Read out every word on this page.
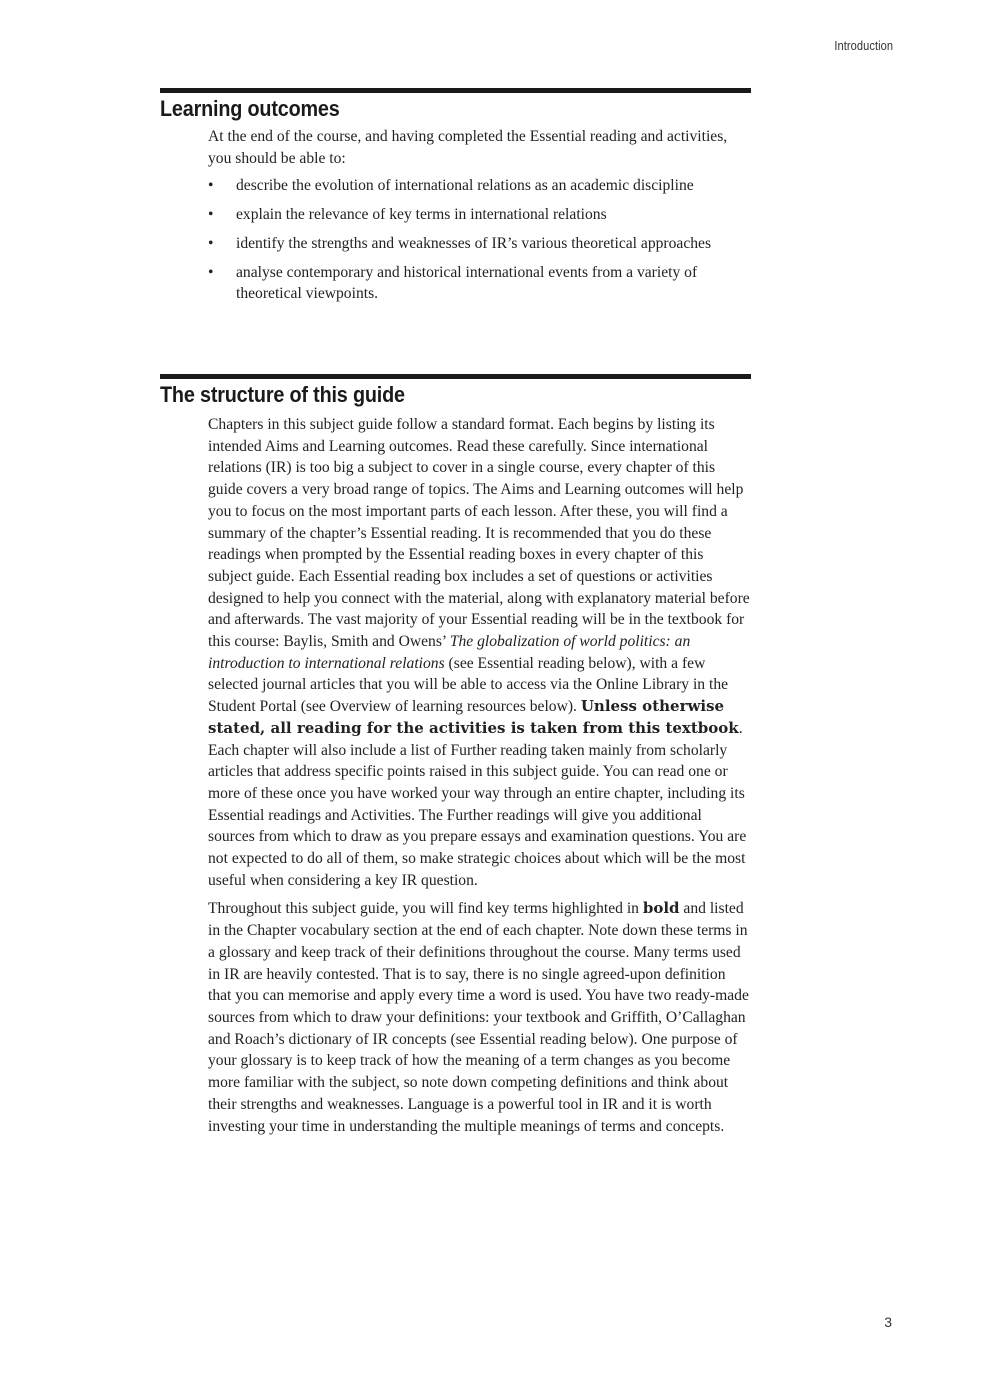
Introduction
Learning outcomes

At the end of the course, and having completed the Essential reading and activities, you should be able to:

• describe the evolution of international relations as an academic discipline
• explain the relevance of key terms in international relations
• identify the strengths and weaknesses of IR’s various theoretical approaches
• analyse contemporary and historical international events from a variety of theoretical viewpoints.
The structure of this guide

Chapters in this subject guide follow a standard format. Each begins by listing its intended Aims and Learning outcomes. Read these carefully. Since international relations (IR) is too big a subject to cover in a single course, every chapter of this guide covers a very broad range of topics. The Aims and Learning outcomes will help you to focus on the most important parts of each lesson. After these, you will find a summary of the chapter’s Essential reading. It is recommended that you do these readings when prompted by the Essential reading boxes in every chapter of this subject guide. Each Essential reading box includes a set of questions or activities designed to help you connect with the material, along with explanatory material before and afterwards. The vast majority of your Essential reading will be in the textbook for this course: Baylis, Smith and Owens’ The globalization of world politics: an introduction to international relations (see Essential reading below), with a few selected journal articles that you will be able to access via the Online Library in the Student Portal (see Overview of learning resources below). Unless otherwise stated, all reading for the activities is taken from this textbook. Each chapter will also include a list of Further reading taken mainly from scholarly articles that address specific points raised in this subject guide. You can read one or more of these once you have worked your way through an entire chapter, including its Essential readings and Activities. The Further readings will give you additional sources from which to draw as you prepare essays and examination questions. You are not expected to do all of them, so make strategic choices about which will be the most useful when considering a key IR question.

Throughout this subject guide, you will find key terms highlighted in bold and listed in the Chapter vocabulary section at the end of each chapter. Note down these terms in a glossary and keep track of their definitions throughout the course. Many terms used in IR are heavily contested. That is to say, there is no single agreed-upon definition that you can memorise and apply every time a word is used. You have two ready-made sources from which to draw your definitions: your textbook and Griffith, O’Callaghan and Roach’s dictionary of IR concepts (see Essential reading below). One purpose of your glossary is to keep track of how the meaning of a term changes as you become more familiar with the subject, so note down competing definitions and think about their strengths and weaknesses. Language is a powerful tool in IR and it is worth investing your time in understanding the multiple meanings of terms and concepts.

3
